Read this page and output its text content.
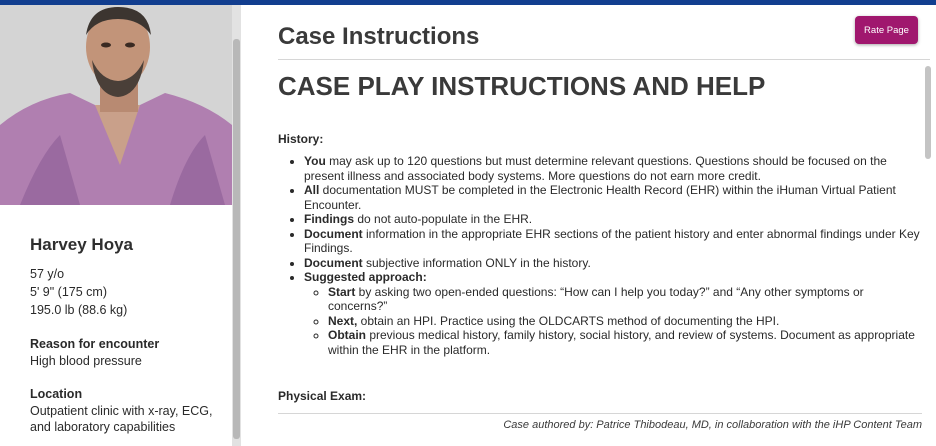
Harvey Hoya
57 y/o
5' 9" (175 cm)
195.0 lb (88.6 kg)
Reason for encounter
High blood pressure
Location
Outpatient clinic with x-ray, ECG, and laboratory capabilities
Case Instructions	Rate Page
CASE PLAY INSTRUCTIONS AND HELP
History:
• You may ask up to 120 questions but must determine relevant questions. Questions should be focused on the present illness and associated body systems. More questions do not earn more credit.
• All documentation MUST be completed in the Electronic Health Record (EHR) within the iHuman Virtual Patient Encounter.
• Findings do not auto-populate in the EHR.
• Document information in the appropriate EHR sections of the patient history and enter abnormal findings under Key Findings.
• Document subjective information ONLY in the history.
• Suggested approach:
◦ Start by asking two open-ended questions: “How can I help you today?” and “Any other symptoms or concerns?”
◦ Next, obtain an HPI. Practice using the OLDCARTS method of documenting the HPI.
◦ Obtain previous medical history, family history, social history, and review of systems. Document as appropriate within the EHR in the platform.
Physical Exam:
Case authored by: Patrice Thibodeau, MD, in collaboration with the iHP Content Team
